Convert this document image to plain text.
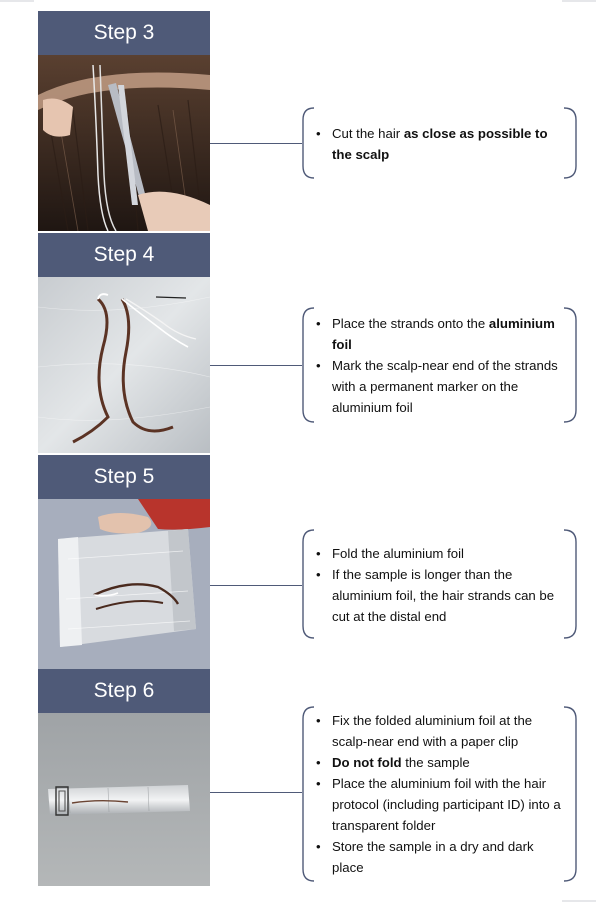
Step 3
• Cut the hair as close as possible to the scalp
Step 4
• Place the strands onto the aluminium foil
• Mark the scalp-near end of the strands with a permanent marker on the aluminium foil
Step 5
• Fold the aluminium foil
• If the sample is longer than the aluminium foil, the hair strands can be cut at the distal end
Step 6
• Fix the folded aluminium foil at the scalp-near end with a paper clip
• Do not fold the sample
• Place the aluminium foil with the hair protocol (including participant ID) into a transparent folder
• Store the sample in a dry and dark place
